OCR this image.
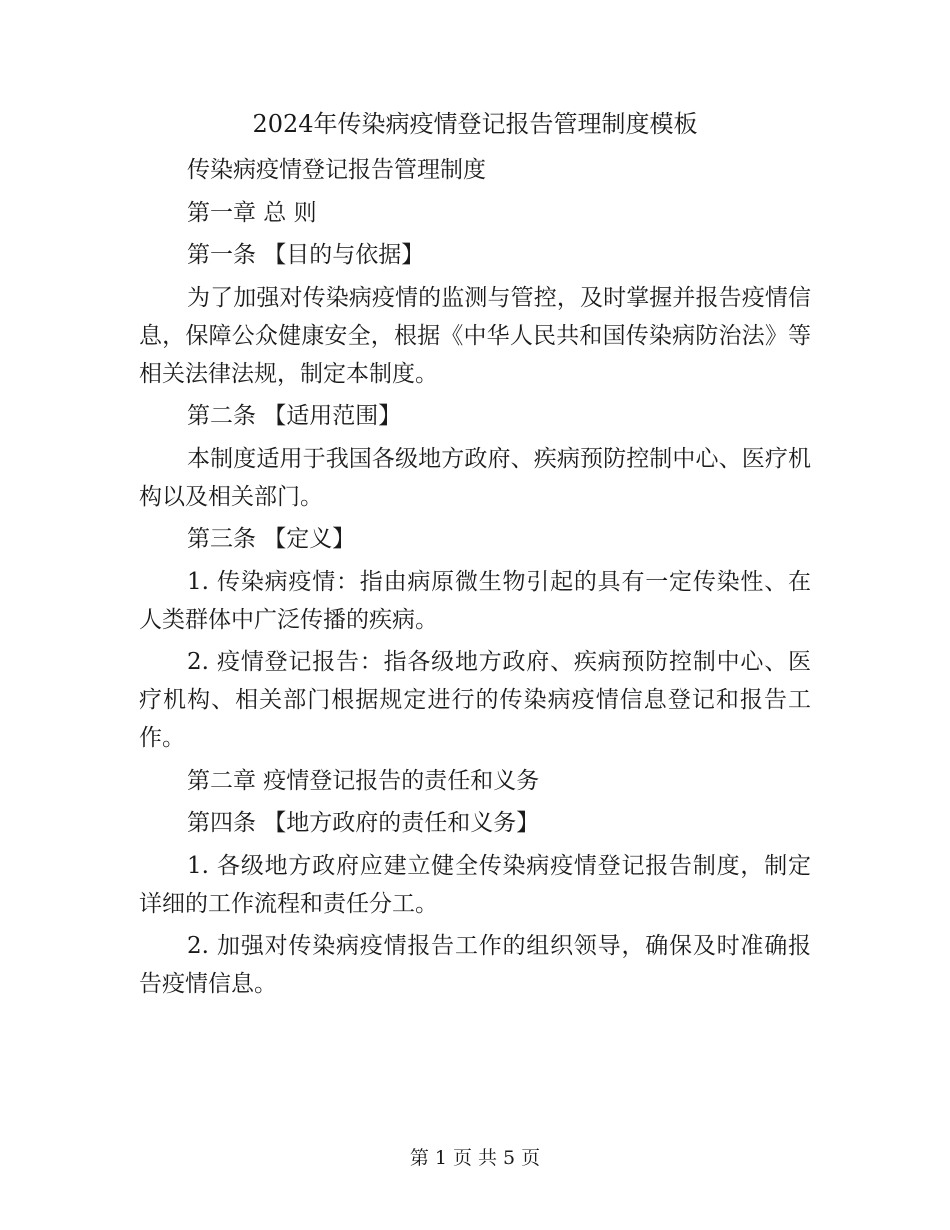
2024年传染病疫情登记报告管理制度模板

传染病疫情登记报告管理制度

第一章 总 则

第一条 【目的与依据】

为了加强对传染病疫情的监测与管控，及时掌握并报告疫情信息，保障公众健康安全，根据《中华人民共和国传染病防治法》等相关法律法规，制定本制度。

第二条 【适用范围】

本制度适用于我国各级地方政府、疾病预防控制中心、医疗机构以及相关部门。

第三条 【定义】

1. 传染病疫情：指由病原微生物引起的具有一定传染性、在人类群体中广泛传播的疾病。

2. 疫情登记报告：指各级地方政府、疾病预防控制中心、医疗机构、相关部门根据规定进行的传染病疫情信息登记和报告工作。

第二章 疫情登记报告的责任和义务

第四条 【地方政府的责任和义务】

1. 各级地方政府应建立健全传染病疫情登记报告制度，制定详细的工作流程和责任分工。

2. 加强对传染病疫情报告工作的组织领导，确保及时准确报告疫情信息。

第 1 页 共 5 页
